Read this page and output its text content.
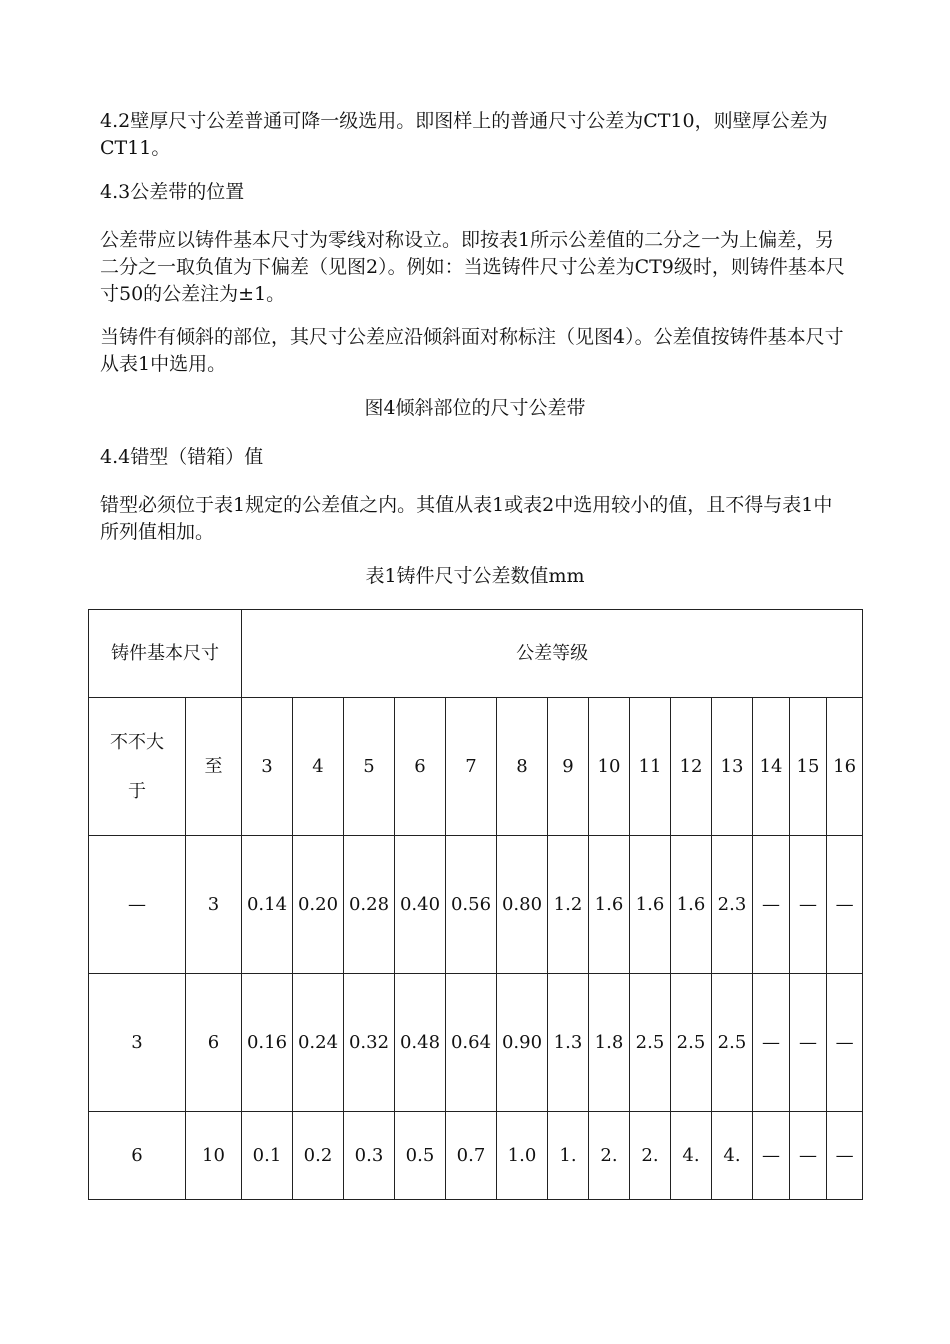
4.2壁厚尺寸公差普通可降一级选用。即图样上的普通尺寸公差为CT10，则壁厚公差为CT11。

4.3公差带的位置

公差带应以铸件基本尺寸为零线对称设立。即按表1所示公差值的二分之一为上偏差，另二分之一取负值为下偏差（见图2）。例如：当选铸件尺寸公差为CT9级时，则铸件基本尺寸50的公差注为±1。

当铸件有倾斜的部位，其尺寸公差应沿倾斜面对称标注（见图4）。公差值按铸件基本尺寸从表1中选用。

图4倾斜部位的尺寸公差带

4.4错型（错箱）值

错型必须位于表1规定的公差值之内。其值从表1或表2中选用较小的值，且不得与表1中所列值相加。

表1铸件尺寸公差数值mm

铸件基本尺寸		公差等级													
不不大于	至	3	4	5	6	7	8	9	10	11	12	13	14	15	16
—	3	0.14	0.20	0.28	0.40	0.56	0.80	1.2	1.6	1.6	1.6	2.3	—	—	—
3	6	0.16	0.24	0.32	0.48	0.64	0.90	1.3	1.8	2.5	2.5	2.5	—	—	—
6	10	0.1	0.2	0.3	0.5	0.7	1.0	1.	2.	2.	4.	4.	—	—	—
